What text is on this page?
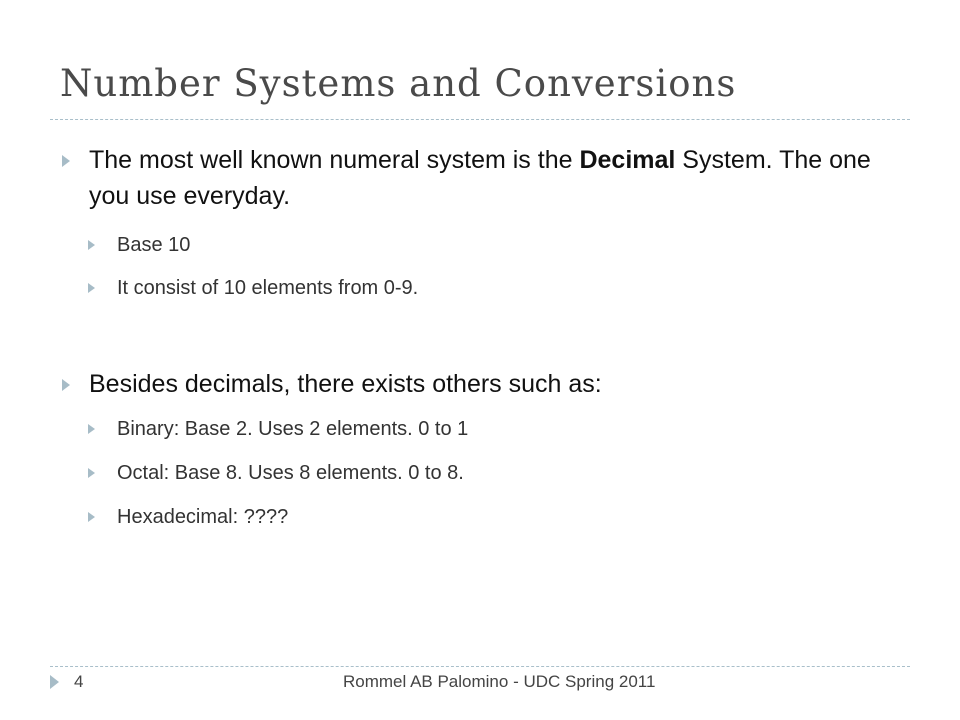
Number Systems and Conversions
The most well known numeral system is the Decimal System. The one you use everyday.
Base 10
It consist of 10 elements from 0-9.
Besides decimals, there exists others such as:
Binary: Base 2. Uses 2 elements. 0 to 1
Octal: Base 8. Uses 8 elements. 0 to 8.
Hexadecimal: ????
4	Rommel AB Palomino - UDC Spring 2011
